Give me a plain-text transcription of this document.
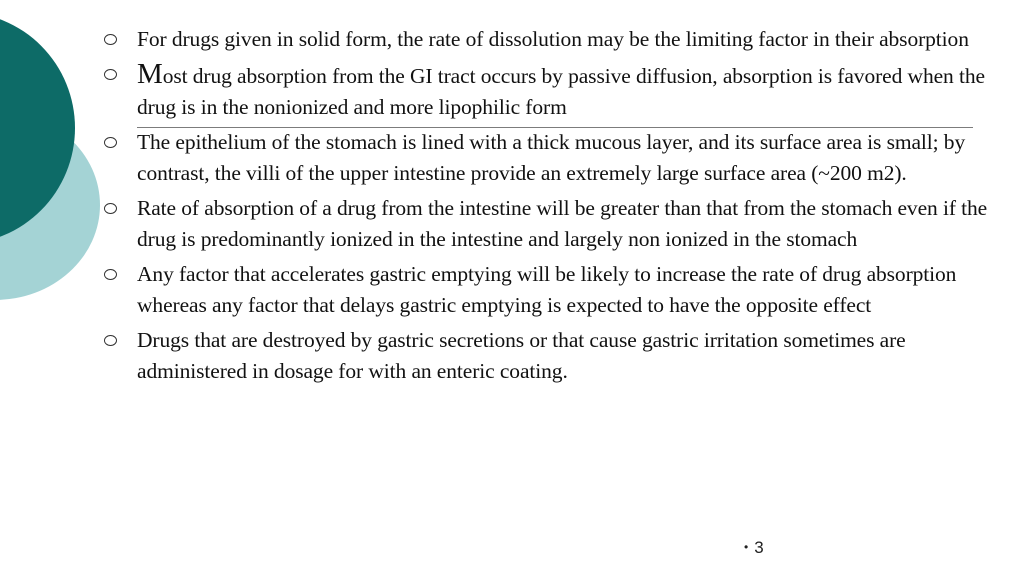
For drugs given in solid form, the rate of dissolution may be the limiting factor in their absorption
Most drug absorption from the GI tract occurs by passive diffusion, absorption is favored when the drug is in the nonionized and more lipophilic form
The epithelium of the stomach is lined with a thick mucous layer, and its surface area is small; by contrast, the villi of the upper intestine provide an extremely large surface area (~200 m2).
Rate of absorption of a drug from the intestine will be greater than that from the stomach even if the drug is predominantly ionized in the intestine and largely non ionized in the stomach
Any factor that accelerates gastric emptying will be likely to increase the rate of drug absorption whereas any factor that delays gastric emptying is expected to have the opposite effect
Drugs that are destroyed by gastric secretions or that cause gastric irritation sometimes are administered in dosage for with an enteric coating.
• 3
